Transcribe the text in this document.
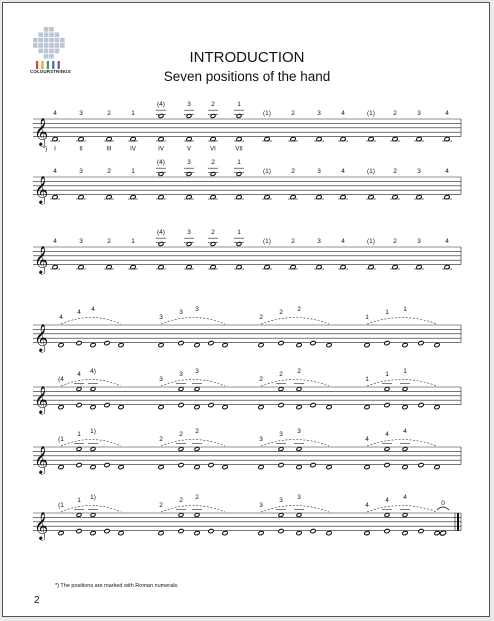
COLOURSTRINGS
INTRODUCTION
Seven positions of the hand
𝄞
4	3	2	1
I	II	III	IV
*)
(4)	3	2	1
IV	V	VI	VII
(1)	2	3	4	(1)	2	3	4
𝄞
4	3	2	1
(4)	3	2	1
(1)	2	3	4	(1)	2	3	4
𝄞
4	3	2	1
(4)	3	2	1
(1)	2	3	4	(1)	2	3	4
𝄞
4
4 4
3
3 3
2
2 2
1
1 1
𝄞
(4
4 4)
3
3 3
2
2 2
1
1 1
𝄞
(1
1 1)
2
2 2
3
3 3
4
4 4
𝄞
(1
1 1)
2
2 2
3
3 3
4
4 4
0
*) The positions are marked with Roman numerals.
2
